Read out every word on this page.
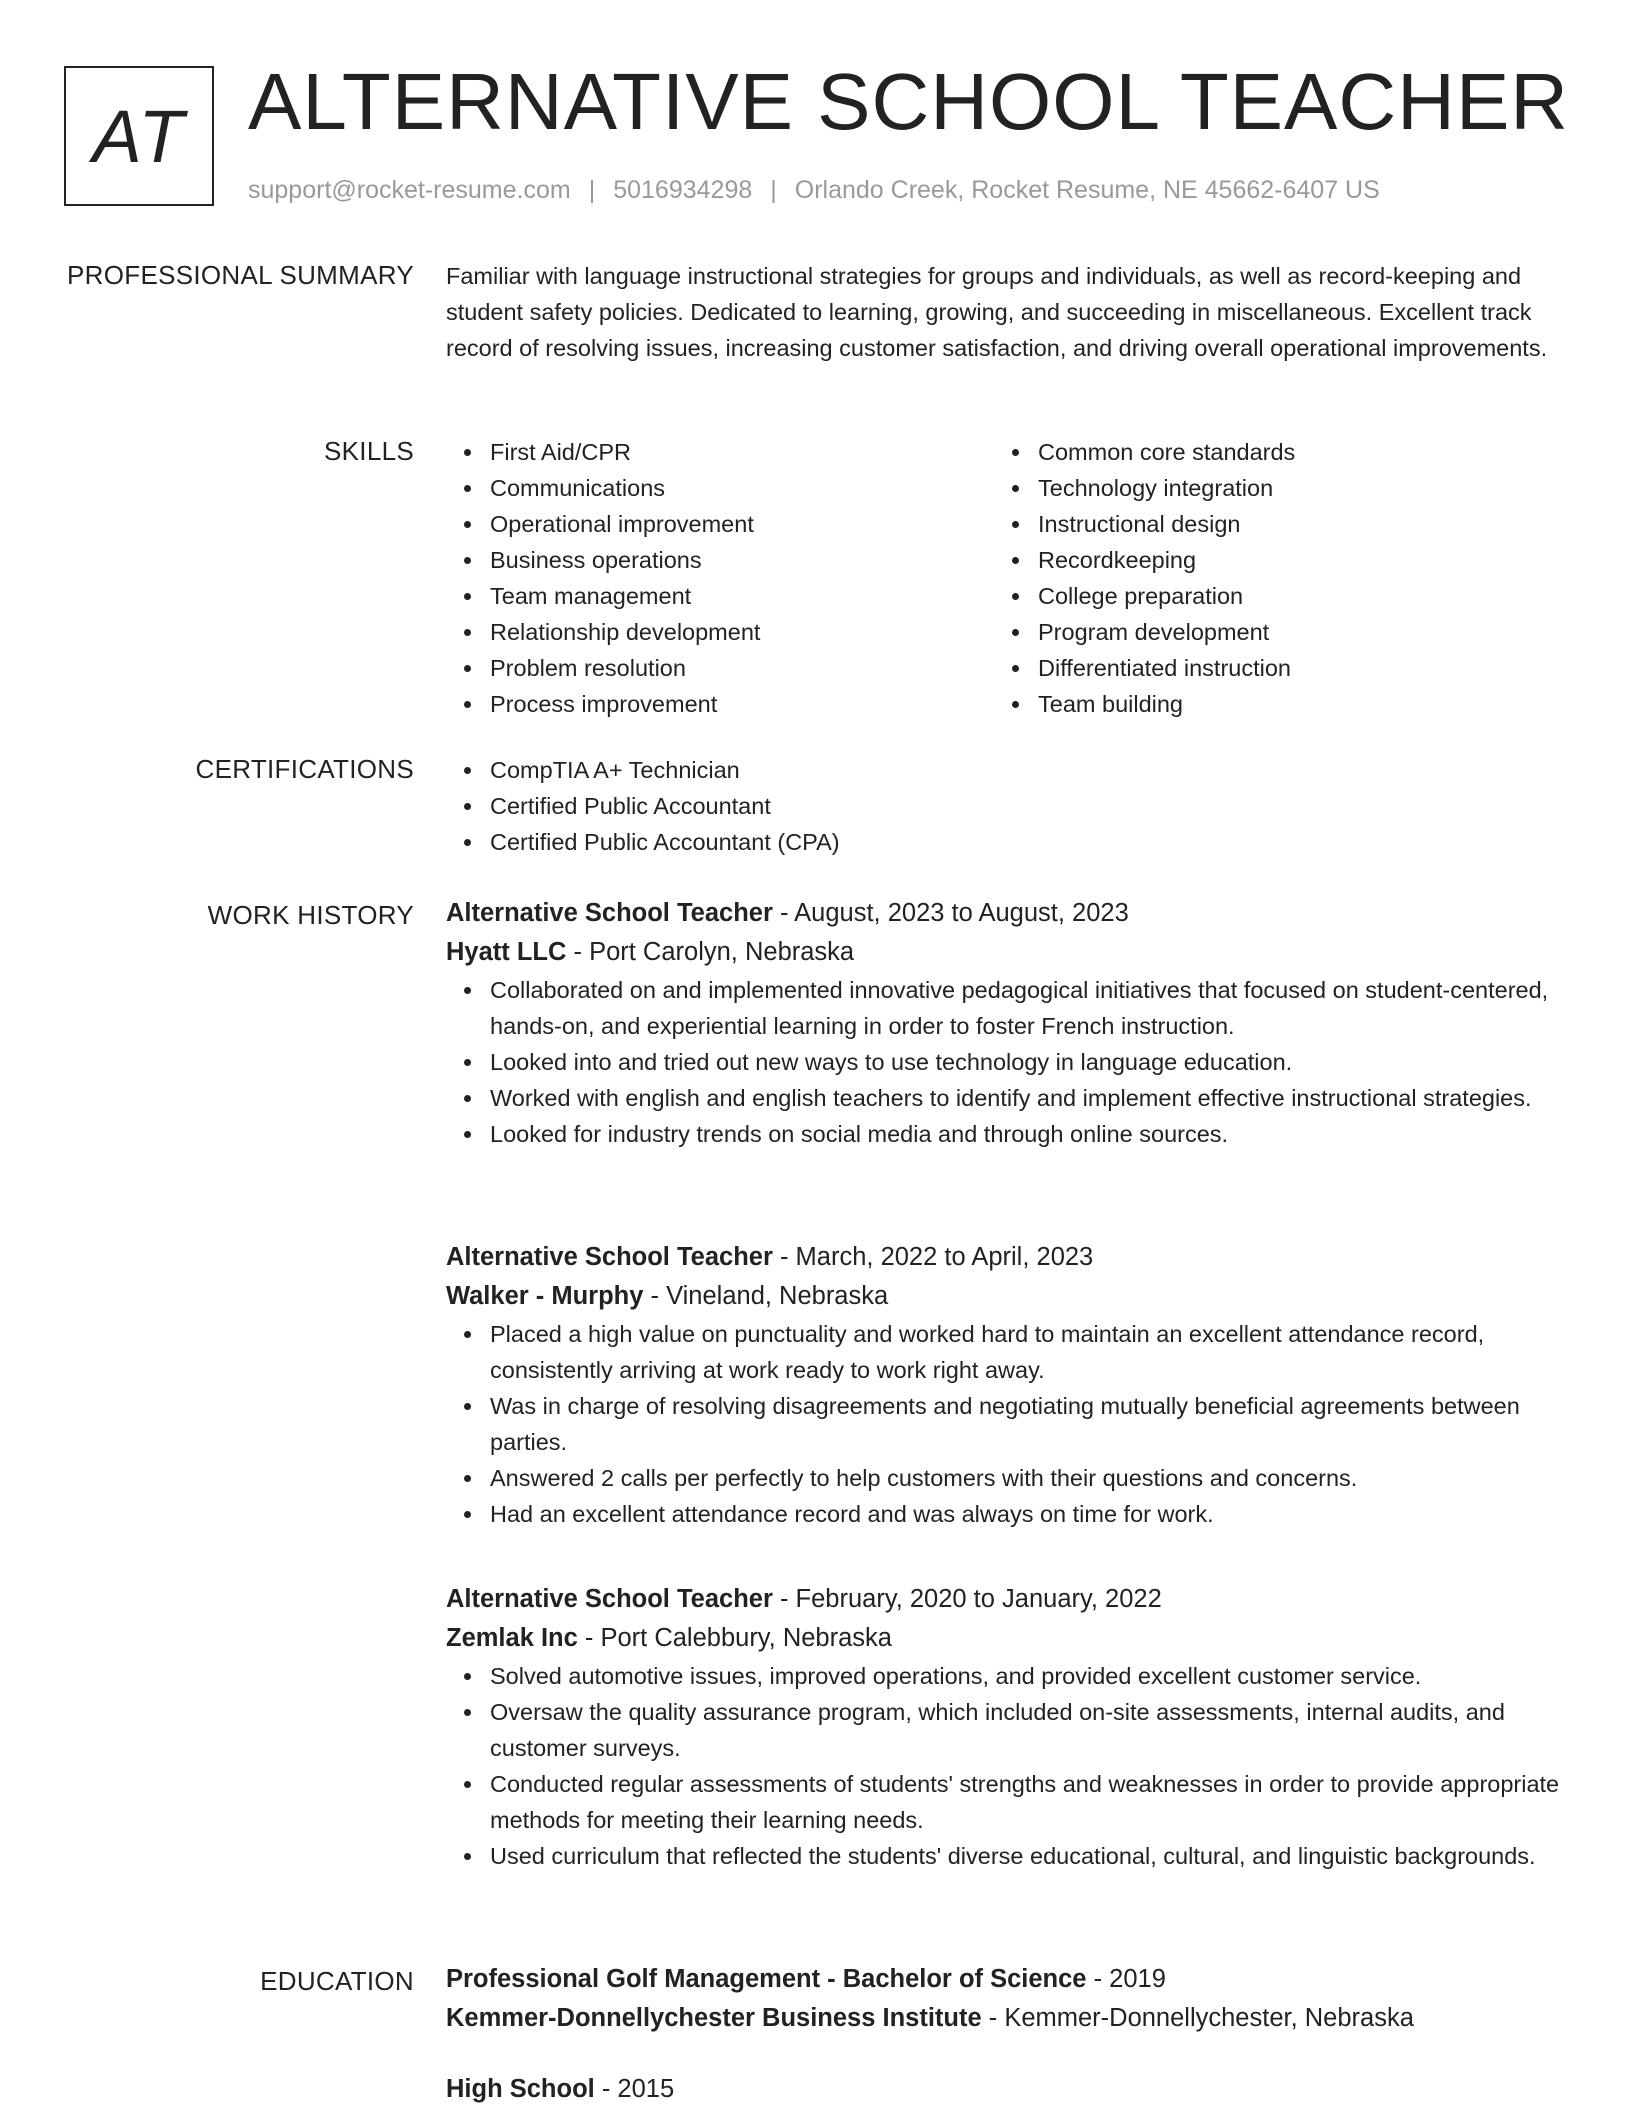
AT ALTERNATIVE SCHOOL TEACHER
support@rocket-resume.com | 5016934298 | Orlando Creek, Rocket Resume, NE 45662-6407 US
PROFESSIONAL SUMMARY Familiar with language instructional strategies for groups and individuals, as well as record-keeping and student safety policies. Dedicated to learning, growing, and succeeding in miscellaneous. Excellent track record of resolving issues, increasing customer satisfaction, and driving overall operational improvements.

SKILLS	First Aid/CPR
Communications
Operational improvement
Business operations
Team management
Relationship development
Problem resolution
Process improvement
Common core standards
Technology integration
Instructional design
Recordkeeping
College preparation
Program development
Differentiated instruction
Team building
CERTIFICATIONS	CompTIA A+ Technician
Certified Public Accountant
Certified Public Accountant (CPA)
WORK HISTORY Alternative School Teacher - August, 2023 to August, 2023
Hyatt LLC - Port Carolyn, Nebraska
Collaborated on and implemented innovative pedagogical initiatives that focused on student-centered, hands-on, and experiential learning in order to foster French instruction.
Looked into and tried out new ways to use technology in language education.
Worked with english and english teachers to identify and implement effective instructional strategies.
Looked for industry trends on social media and through online sources.
Alternative School Teacher - March, 2022 to April, 2023
Walker - Murphy - Vineland, Nebraska
Placed a high value on punctuality and worked hard to maintain an excellent attendance record, consistently arriving at work ready to work right away.
Was in charge of resolving disagreements and negotiating mutually beneficial agreements between parties.
Answered 2 calls per perfectly to help customers with their questions and concerns.
Had an excellent attendance record and was always on time for work.
Alternative School Teacher - February, 2020 to January, 2022
Zemlak Inc - Port Calebbury, Nebraska
Solved automotive issues, improved operations, and provided excellent customer service.
Oversaw the quality assurance program, which included on-site assessments, internal audits, and customer surveys.
Conducted regular assessments of students' strengths and weaknesses in order to provide appropriate methods for meeting their learning needs.
Used curriculum that reflected the students' diverse educational, cultural, and linguistic backgrounds.
EDUCATION Professional Golf Management - Bachelor of Science - 2019
Kemmer-Donnellychester Business Institute - Kemmer-Donnellychester, Nebraska
High School - 2015
